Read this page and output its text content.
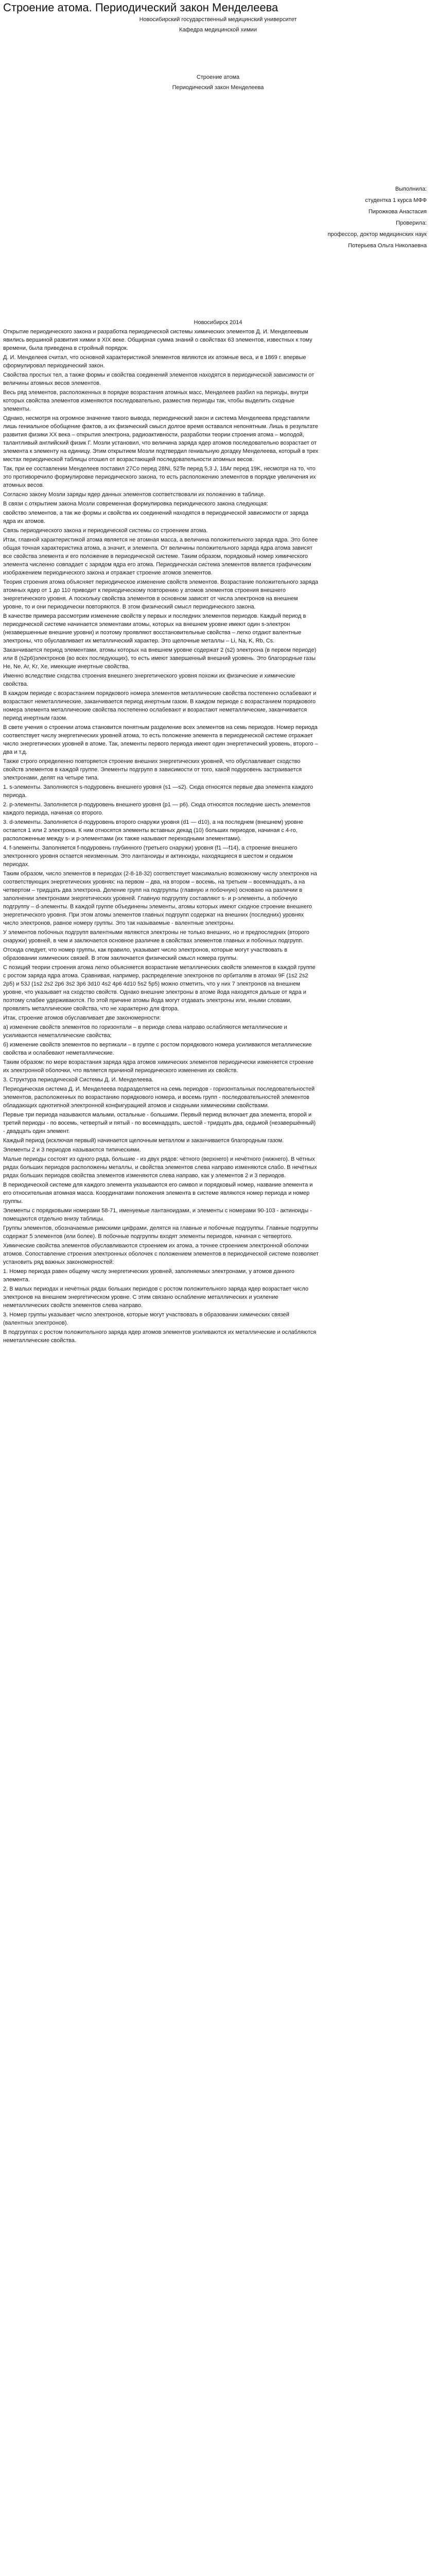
Строение атома. Периодический закон Менделеева
Новосибирский государственный медицинский университет
Кафедра медицинской химии
Строение атома
Периодический закон Менделеева
Выполнила:
студентка 1 курса МФФ
Пирожкова Анастасия
Проверила:
профессор, доктор медицинских наук
Потерьева Ольга Николаевна
Новосибирск 2014

Открытие периодического закона и разработка периодической системы химических элементов Д. И. Менделеевым явились вершиной развития химии в XIX веке. Общирная сумма знаний о свойствах 63 элементов, известных к тому времени, была приведена в стройный порядок.

Д. И. Менделеев считал, что основной характеристикой элементов являются их атомные веса, и в 1869 г. впервые сформулировал периодический закон.

Свойства простых тел, а также формы и свойства соединений элементов находятся в периодической зависимости от величины атомных весов элементов.

Весь ряд элементов, расположенных в порядке возрастания атомных масс, Менделеев разбил на периоды, внутри которых свойства элементов изменяются последовательно, разместив периоды так, чтобы выделить сходные элементы.

Однако, несмотря на огромное значение такого вывода, периодический закон и система Менделеева представляли лишь гениальное обобщение фактов, а их физический смысл долгое время оставался непонятным. Лишь в результате развития физики XX века – открытия электрона, радиоактивности, разработки теории строения атома – молодой, талантливый английский физик Г. Мозли установил, что величина заряда ядер атомов последовательно возрастает от элемента к элементу на единицу. Этим открытием Мозли подтвердил гениальную догадку Менделеева, который в трех местах периодической таблицы отошел от возрастающей последовательности атомных весов.

Так, при ее составлении Менделеев поставил 27Co перед 28Ni, 52Te перед 5,3 J, 18Ar перед 19K, несмотря на то, что это противоречило формулировке периодического закона, то есть расположению элементов в порядке увеличения их атомных весов.

Согласно закону Мозли заряды ядер данных элементов соответствовали их положению в таблице.

В связи с открытием закона Мозли современная формулировка периодического закона следующая:

свойство элементов, а так же формы и свойства их соединений находятся в периодической зависимости от заряда ядра их атомов.

Связь периодического закона и периодической системы со строением атома.

Итак, главной характеристикой атома является не атомная масса, а величина положительного заряда ядра. Это более общая точная характеристика атома, а значит, и элемента. От величины положительного заряда ядра атома зависят все свойства элемента и его положение в периодической системе. Таким образом, порядковый номер химического элемента численно совпадает с зарядом ядра его атома. Периодическая система элементов является графическим изображением периодического закона и отражает строение атомов элементов.

Теория строения атома объясняет периодическое изменение свойств элементов. Возрастание положительного заряда атомных ядер от 1 до 110 приводит к периодическому повторению у атомов элементов строения внешнего энергетического уровня. А поскольку свойства элементов в основном зависят от числа электронов на внешнем уровне, то и они периодически повторяются. В этом физический смысл периодического закона.

В качестве примера рассмотрим изменение свойств у первых и последних элементов периодов. Каждый период в периодической системе начинается элементами атомы, которых на внешнем уровне имеют один s-электрон (незавершенные внешние уровни) и поэтому проявляют восстановительные свойства – легко отдают валентные электроны, что обуславливает их металлический характер. Это щелочные металлы – Li, Na, K, Rb, Cs.

Заканчивается период элементами, атомы которых на внешнем уровне содержат 2 (s2) электрона (в первом периоде) или 8 (s2p6)электронов (во всех последующих), то есть имеют завершенный внешний уровень. Это благородные газы He, Ne, Ar, Kr, Xe, имеющие инертные свойства.

Именно вследствие сходства строения внешнего энергетического уровня похожи их физические и химические свойства.

В каждом периоде с возрастанием порядкового номера элементов металлические свойства постепенно ослабевают и возрастают неметаллические, заканчивается период инертным газом. В каждом периоде с возрастанием порядкового номера элемента металлические свойства постепенно ослабевают и возрастают неметаллические, заканчивается период инертным газом.

В свете учения о строении атома становится понятным разделение всех элементов на семь периодов. Номер периода соответствует числу энергетических уровней атома, то есть положение элемента в периодической системе отражает число энергетических уровней в атоме. Так, элементы первого периода имеют один энергетический уровень, второго – два и т.д.

Также строго определенно повторяется строение внешних энергетических уровней, что обуславливает сходство свойств элементов в каждой группе. Элементы подгрупп в зависимости от того, какой подуровень застраивается электронами, делят на четыре типа.

1. s-элементы. Заполняются s-подуровень внешнего уровня (s1 —s2). Сюда относятся первые два элемента каждого периода.

2. p-элементы. Заполняется p-подуровень внешнего уровня (p1 — p6). Сюда относятся последние шесть элементов каждого периода, начиная со второго.

3. d-элементы. Заполняется d-подуровень второго снаружи уровня (d1 — d10), а на последнем (внешнем) уровне остается 1 или 2 электрона. К ним относятся элементы вставных декад (10) больших периодов, начиная с 4-го, расположенные между s- и p-элементами (их также называют переходными элементами).

4. f-элементы. Заполняется f-подуровень глубинного (третьего снаружи) уровня (f1 —f14), а строение внешнего электронного уровня остается неизменным. Это лантаноиды и актиноиды, находящиеся в шестом и седьмом периодах.

Таким образом, число элементов в периодах (2-8-18-32) соответствует максимально возможному числу электронов на соответствующих энергетических уровнях: на первом – два, на втором – восемь, на третьем – восемнадцать, а на четвертом – тридцать два электрона. Деление групп на подгруппы (главную и побочную) основано на различии в заполнении электронами энергетических уровней. Главную подгруппу составляют s- и p-элементы, а побочную подгруппу – d-элементы. В каждой группе объединены элементы, атомы которых имеют сходное строение внешнего энергетического уровня. При этом атомы элементов главных подгрупп содержат на внешних (последних) уровнях число электронов, равное номеру группы. Это так называемые - валентные электроны.

У элементов побочных подгрупп валентными являются электроны не только внешних, но и предпоследних (второго снаружи) уровней, в чем и заключается основное различие в свойствах элементов главных и побочных подгрупп.

Отсюда следует, что номер группы, как правило, указывает число электронов, которые могут участвовать в образовании химических связей. В этом заключается физический смысл номера группы.

С позиций теории строения атома легко объясняется возрастание металлических свойств элементов в каждой группе с ростом заряда ядра атома. Сравнивая, например, распределение электронов по орбиталям в атомах 9F (1s2 2s2 2p5) и 53J (1s2 2s2 2p6 3s2 3p6 3d10 4s2 4p6 4d10 5s2 5p5) можно отметить, что у них 7 электронов на внешнем уровне, что указывает на сходство свойств. Однако внешние электроны в атоме йода находятся дальше от ядра и поэтому слабее удерживаются. По этой причине атомы йода могут отдавать электроны или, иными словами, проявлять металлические свойства, что не характерно для фтора.

Итак, строение атомов обуславливает две закономерности:

а) изменение свойств элементов по горизонтали – в периоде слева направо ослабляются металлические и усиливаются неметаллические свойства;

б) изменение свойств элементов по вертикали – в группе с ростом порядкового номера усиливаются металлические свойства и ослабевают неметаллические.

Таким образом: по мере возрастания заряда ядра атомов химических элементов периодически изменяется строение их электронной оболочки, что является причиной периодического изменения их свойств.

3. Структура периодической Системы Д. И. Менделеева.

Периодическая система Д. И. Менделеева подразделяется на семь периодов - горизонтальных последовательностей элементов, расположенных по возрастанию порядкового номера, и восемь групп - последовательностей элементов обладающих однотипной электронной конфигурацией атомов и сходными химическими свойствами.

Первые три периода называются малыми, остальные - большими. Первый период включает два элемента, второй и третий периоды - по восемь, четвертый и пятый - по восемнадцать, шестой - тридцать два, седьмой (незавершённый) - двадцать один элемент.

Каждый период (исключая первый) начинается щелочным металлом и заканчивается благородным газом.

Элементы 2 и 3 периодов называются типическими.

Малые периоды состоят из одного ряда, большие - из двух рядов: чётного (верхнего) и нечётного (нижнего). В чётных рядах больших периодов расположены металлы, и свойства элементов слева направо изменяются слабо. В нечётных рядах больших периодов свойства элементов изменяются слева направо, как у элементов 2 и 3 периодов.

В периодической системе для каждого элемента указываются его символ и порядковый номер, название элемента и его относительная атомная масса. Координатами положения элемента в системе являются номер периода и номер группы.

Элементы с порядковыми номерами 58-71, именуемые лантаноидами, и элементы с номерами 90-103 - актиноиды - помещаются отдельно внизу таблицы.

Группы элементов, обозначаемые римскими цифрами, делятся на главные и побочные подгруппы. Главные подгруппы содержат 5 элементов (или более). В побочные подгруппы входят элементы периодов, начиная с четвертого.

Химические свойства элементов обуславливаются строением их атома, а точнее строением электронной оболочки атомов. Сопоставление строения электронных оболочек с положением элементов в периодической системе позволяет установить ряд важных закономерностей:

1. Номер периода равен общему числу энергетических уровней, заполняемых электронами, у атомов данного элемента.

2. В малых периодах и нечётных рядах больших периодов с ростом положительного заряда ядер возрастает число электронов на внешнем энергетическом уровне. С этим связано ослабление металлических и усиление неметаллических свойств элементов слева направо.

3. Номер группы указывает число электронов, которые могут участвовать в образовании химических связей (валентных электронов).

В подгруппах с ростом положительного заряда ядер атомов элементов усиливаются их металлические и ослабляются неметаллические свойства.
